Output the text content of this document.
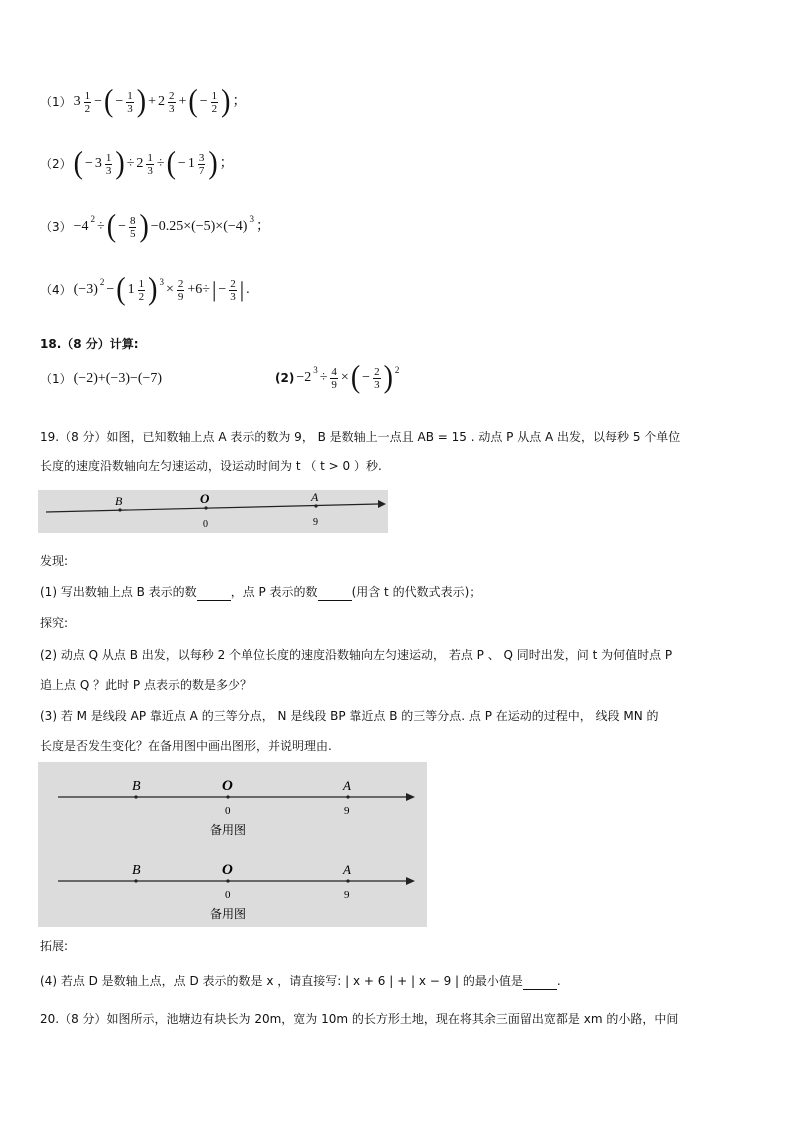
（1） $3 \frac{1}{2}$ − ( − $\frac{1}{3}$ ) + $2 \frac{2}{3}$ + ( − $\frac{1}{2}$ ) ；
（2） ( − $3 \frac{1}{3}$ ) ÷ $2 \frac{1}{3}$ ÷ ( − $1 \frac{3}{7}$ ) ；
（3） −4 2 ÷ ( − $\frac{8}{5}$ ) −0.25×(−5)×(−4) 3 ；
（4） (−3) 2 − ( $1 \frac{1}{2}$ ) $3 \times \frac{2}{9} +6\div$ | − $\frac{2}{3}$ | .
18.（8 分）计算:
（1） (−2)+(−3)−(−7)	(2) −2 $3 \div \frac{4}{9}$ × ( − $\frac{2}{3}$ ) 2
19.（8 分）如图，已知数轴上点 A 表示的数为 9， B 是数轴上一点且 AB = 15 . 动点 P 从点 A 出发，以每秒 5 个单位
长度的速度沿数轴向左匀速运动，设运动时间为 t （ t > 0 ）秒.
B	O	A
0	9
发现:
(1) 写出数轴上点 B 表示的数	，点 P 表示的数	(用含 t 的代数式表示)；
探究:
(2) 动点 Q 从点 B 出发，以每秒 2 个单位长度的速度沿数轴向左匀速运动， 若点 P 、 Q 同时出发，问 t 为何值时点 P
追上点 Q ？此时 P 点表示的数是多少？
(3) 若 M 是线段 AP 靠近点 A 的三等分点， N 是线段 BP 靠近点 B 的三等分点. 点 P 在运动的过程中， 线段 MN 的
长度是否发生变化？在备用图中画出图形，并说明理由.
B	O	A
0	9
备用图
B	O	A
0	9
备用图
拓展:
(4) 若点 D 是数轴上点，点 D 表示的数是 x ，请直接写: | x + 6 | + | x − 9 | 的最小值是	.
20.（8 分）如图所示，池塘边有块长为 20m，宽为 10m 的长方形土地，现在将其余三面留出宽都是 xm 的小路，中间
